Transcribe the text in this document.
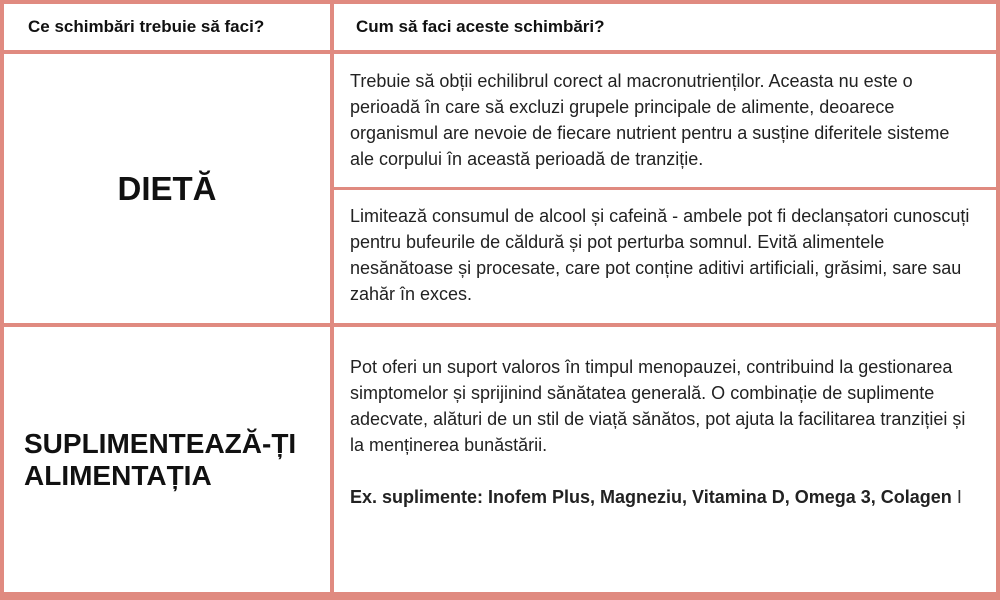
Ce schimbări trebuie să faci?	Cum să faci aceste schimbări?
DIETĂ
Trebuie să obții echilibrul corect al macronutrienților. Aceasta nu este o perioadă în care să excluzi grupele principale de alimente, deoarece organismul are nevoie de fiecare nutrient pentru a susține diferitele sisteme ale corpului în această perioadă de tranziție.
Limitează consumul de alcool și cafeină - ambele pot fi declanșatori cunoscuți pentru bufeurile de căldură și pot perturba somnul. Evită alimentele nesănătoase și procesate, care pot conține aditivi artificiali, grăsimi, sare sau zahăr în exces.
SUPLIMENTEAZĂ-ȚI ALIMENTAȚIA
Pot oferi un suport valoros în timpul menopauzei, contribuind la gestionarea simptomelor și sprijinind sănătatea generală. O combinație de suplimente adecvate, alături de un stil de viață sănătos, pot ajuta la facilitarea tranziției și la menținerea bunăstării.
Ex. suplimente: Inofem Plus, Magneziu, Vitamina D, Omega 3, Colagen I
